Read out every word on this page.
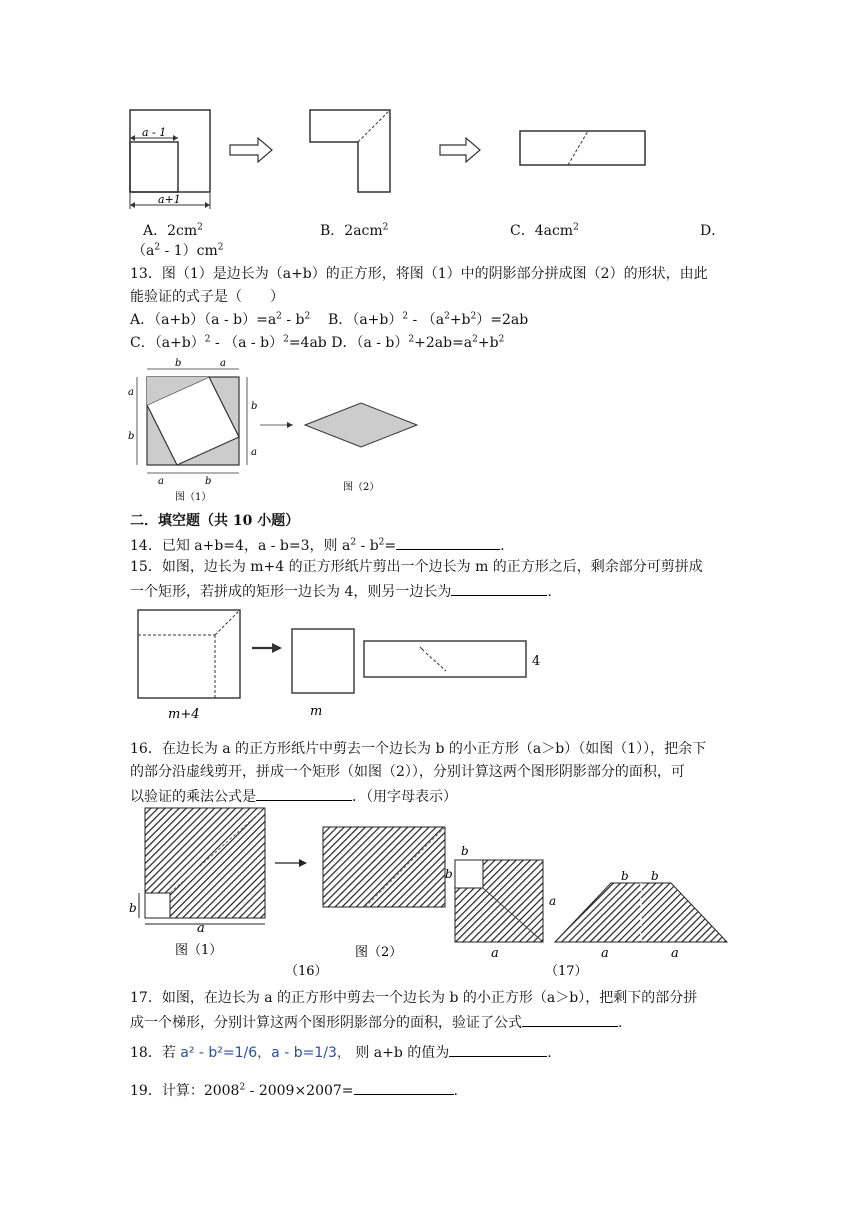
a - 1
a+1
A．$2cm^2$	B．2acm$^2$	C．4acm$^2$	D．
$(a^2 - 1)cm^2$
13．图（1）是边长为（a+b）的正方形，将图（1）中的阴影部分拼成图（2）的形状，由此
能验证的式子是（　　）
A．$(a+b)(a - b)=a^2 - b^2$ B．$(a+b)^2 - (a^2+b^2)=2ab$
C．$(a+b)^2 - (a - b)^2=4ab$ D．$(a - b)^2+2ab=a^2+b^2$
b	a
a
b
b
a
a	b
图（1）
图（2）
二．填空题（共 10 小题）
14．已知 a+b=4，a - b=3，则 $a^2 - b^2=$	.
15．如图，边长为 m+4 的正方形纸片剪出一个边长为 m 的正方形之后，剩余部分可剪拼成
一个矩形，若拼成的矩形一边长为 4，则另一边长为	.
m+4	m
4
16．在边长为 a 的正方形纸片中剪去一个边长为 b 的小正方形（a＞b）（如图（1）），把余下
的部分沿虚线剪开，拼成一个矩形（如图（2）），分别计算这两个图形阴影部分的面积，可
以验证的乘法公式是	．（用字母表示）
b
a
图（1）	图（2）
（16）
b
b
a
a
b b
a	a
（17）
17．如图，在边长为 a 的正方形中剪去一个边长为 b 的小正方形（a＞b），把剩下的部分拼
成一个梯形，分别计算这两个图形阴影部分的面积，验证了公式	.
18．若 a² - b²=1/6，a - b=1/3， 则 a+b 的值为	.
19．计算：2008$^2$ - 2009×2007=	.
